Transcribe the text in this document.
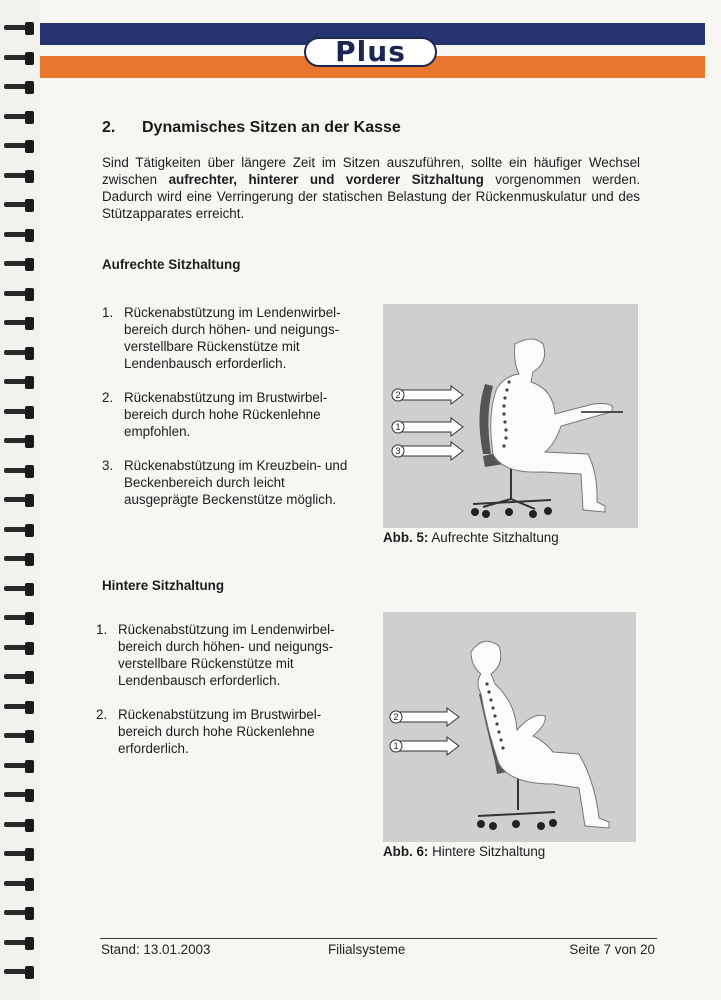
Plus
2. Dynamisches Sitzen an der Kasse
Sind Tätigkeiten über längere Zeit im Sitzen auszuführen, sollte ein häufiger Wechsel zwischen aufrechter, hinterer und vorderer Sitzhaltung vorgenommen werden. Dadurch wird eine Verringerung der statischen Belastung der Rückenmuskulatur und des Stützapparates erreicht.
Aufrechte Sitzhaltung
1. Rückenabstützung im Lendenwirbel-bereich durch höhen- und neigungs-verstellbare Rückenstütze mit Lendenbausch erforderlich.
2. Rückenabstützung im Brustwirbel-bereich durch hohe Rückenlehne empfohlen.
3. Rückenabstützung im Kreuzbein- und Beckenbereich durch leicht ausgeprägte Beckenstütze möglich.
2
1
3
Abb. 5: Aufrechte Sitzhaltung
Hintere Sitzhaltung
1. Rückenabstützung im Lendenwirbel-bereich durch höhen- und neigungs-verstellbare Rückenstütze mit Lendenbausch erforderlich.
2. Rückenabstützung im Brustwirbel-bereich durch hohe Rückenlehne erforderlich.
2
1
Abb. 6: Hintere Sitzhaltung
Stand: 13.01.2003	Filialsysteme	Seite 7 von 20
